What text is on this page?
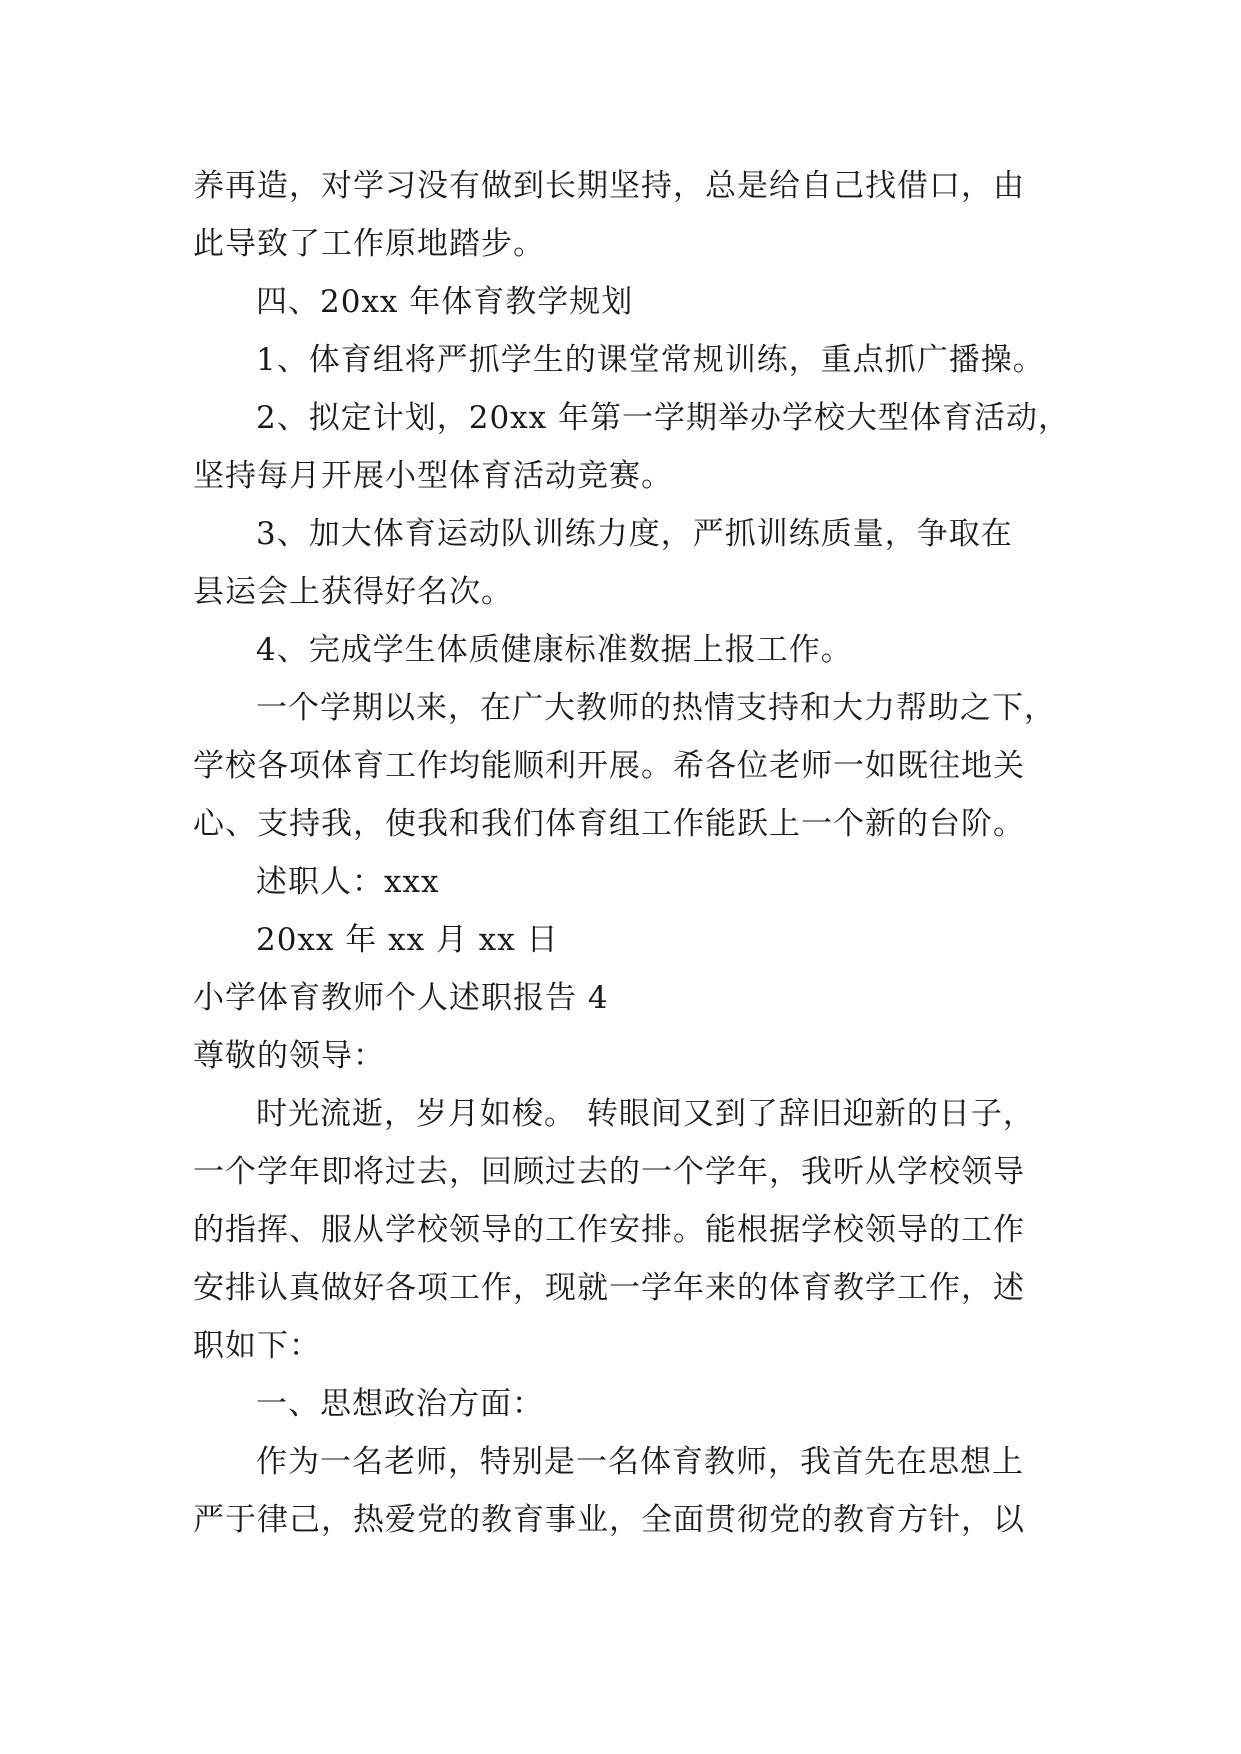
养再造，对学习没有做到长期坚持，总是给自己找借口，由
此导致了工作原地踏步。
四、20xx 年体育教学规划
1、体育组将严抓学生的课堂常规训练，重点抓广播操。
2、拟定计划，20xx 年第一学期举办学校大型体育活动，
坚持每月开展小型体育活动竞赛。
3、加大体育运动队训练力度，严抓训练质量，争取在
县运会上获得好名次。
4、完成学生体质健康标准数据上报工作。
一个学期以来，在广大教师的热情支持和大力帮助之下，
学校各项体育工作均能顺利开展。希各位老师一如既往地关
心、支持我，使我和我们体育组工作能跃上一个新的台阶。
述职人：xxx
20xx 年 xx 月 xx 日
小学体育教师个人述职报告 4
尊敬的领导：
时光流逝，岁月如梭。 转眼间又到了辞旧迎新的日子，
一个学年即将过去，回顾过去的一个学年，我听从学校领导
的指挥、服从学校领导的工作安排。能根据学校领导的工作
安排认真做好各项工作，现就一学年来的体育教学工作，述
职如下：
一、思想政治方面：
作为一名老师，特别是一名体育教师，我首先在思想上
严于律己，热爱党的教育事业，全面贯彻党的教育方针，以
